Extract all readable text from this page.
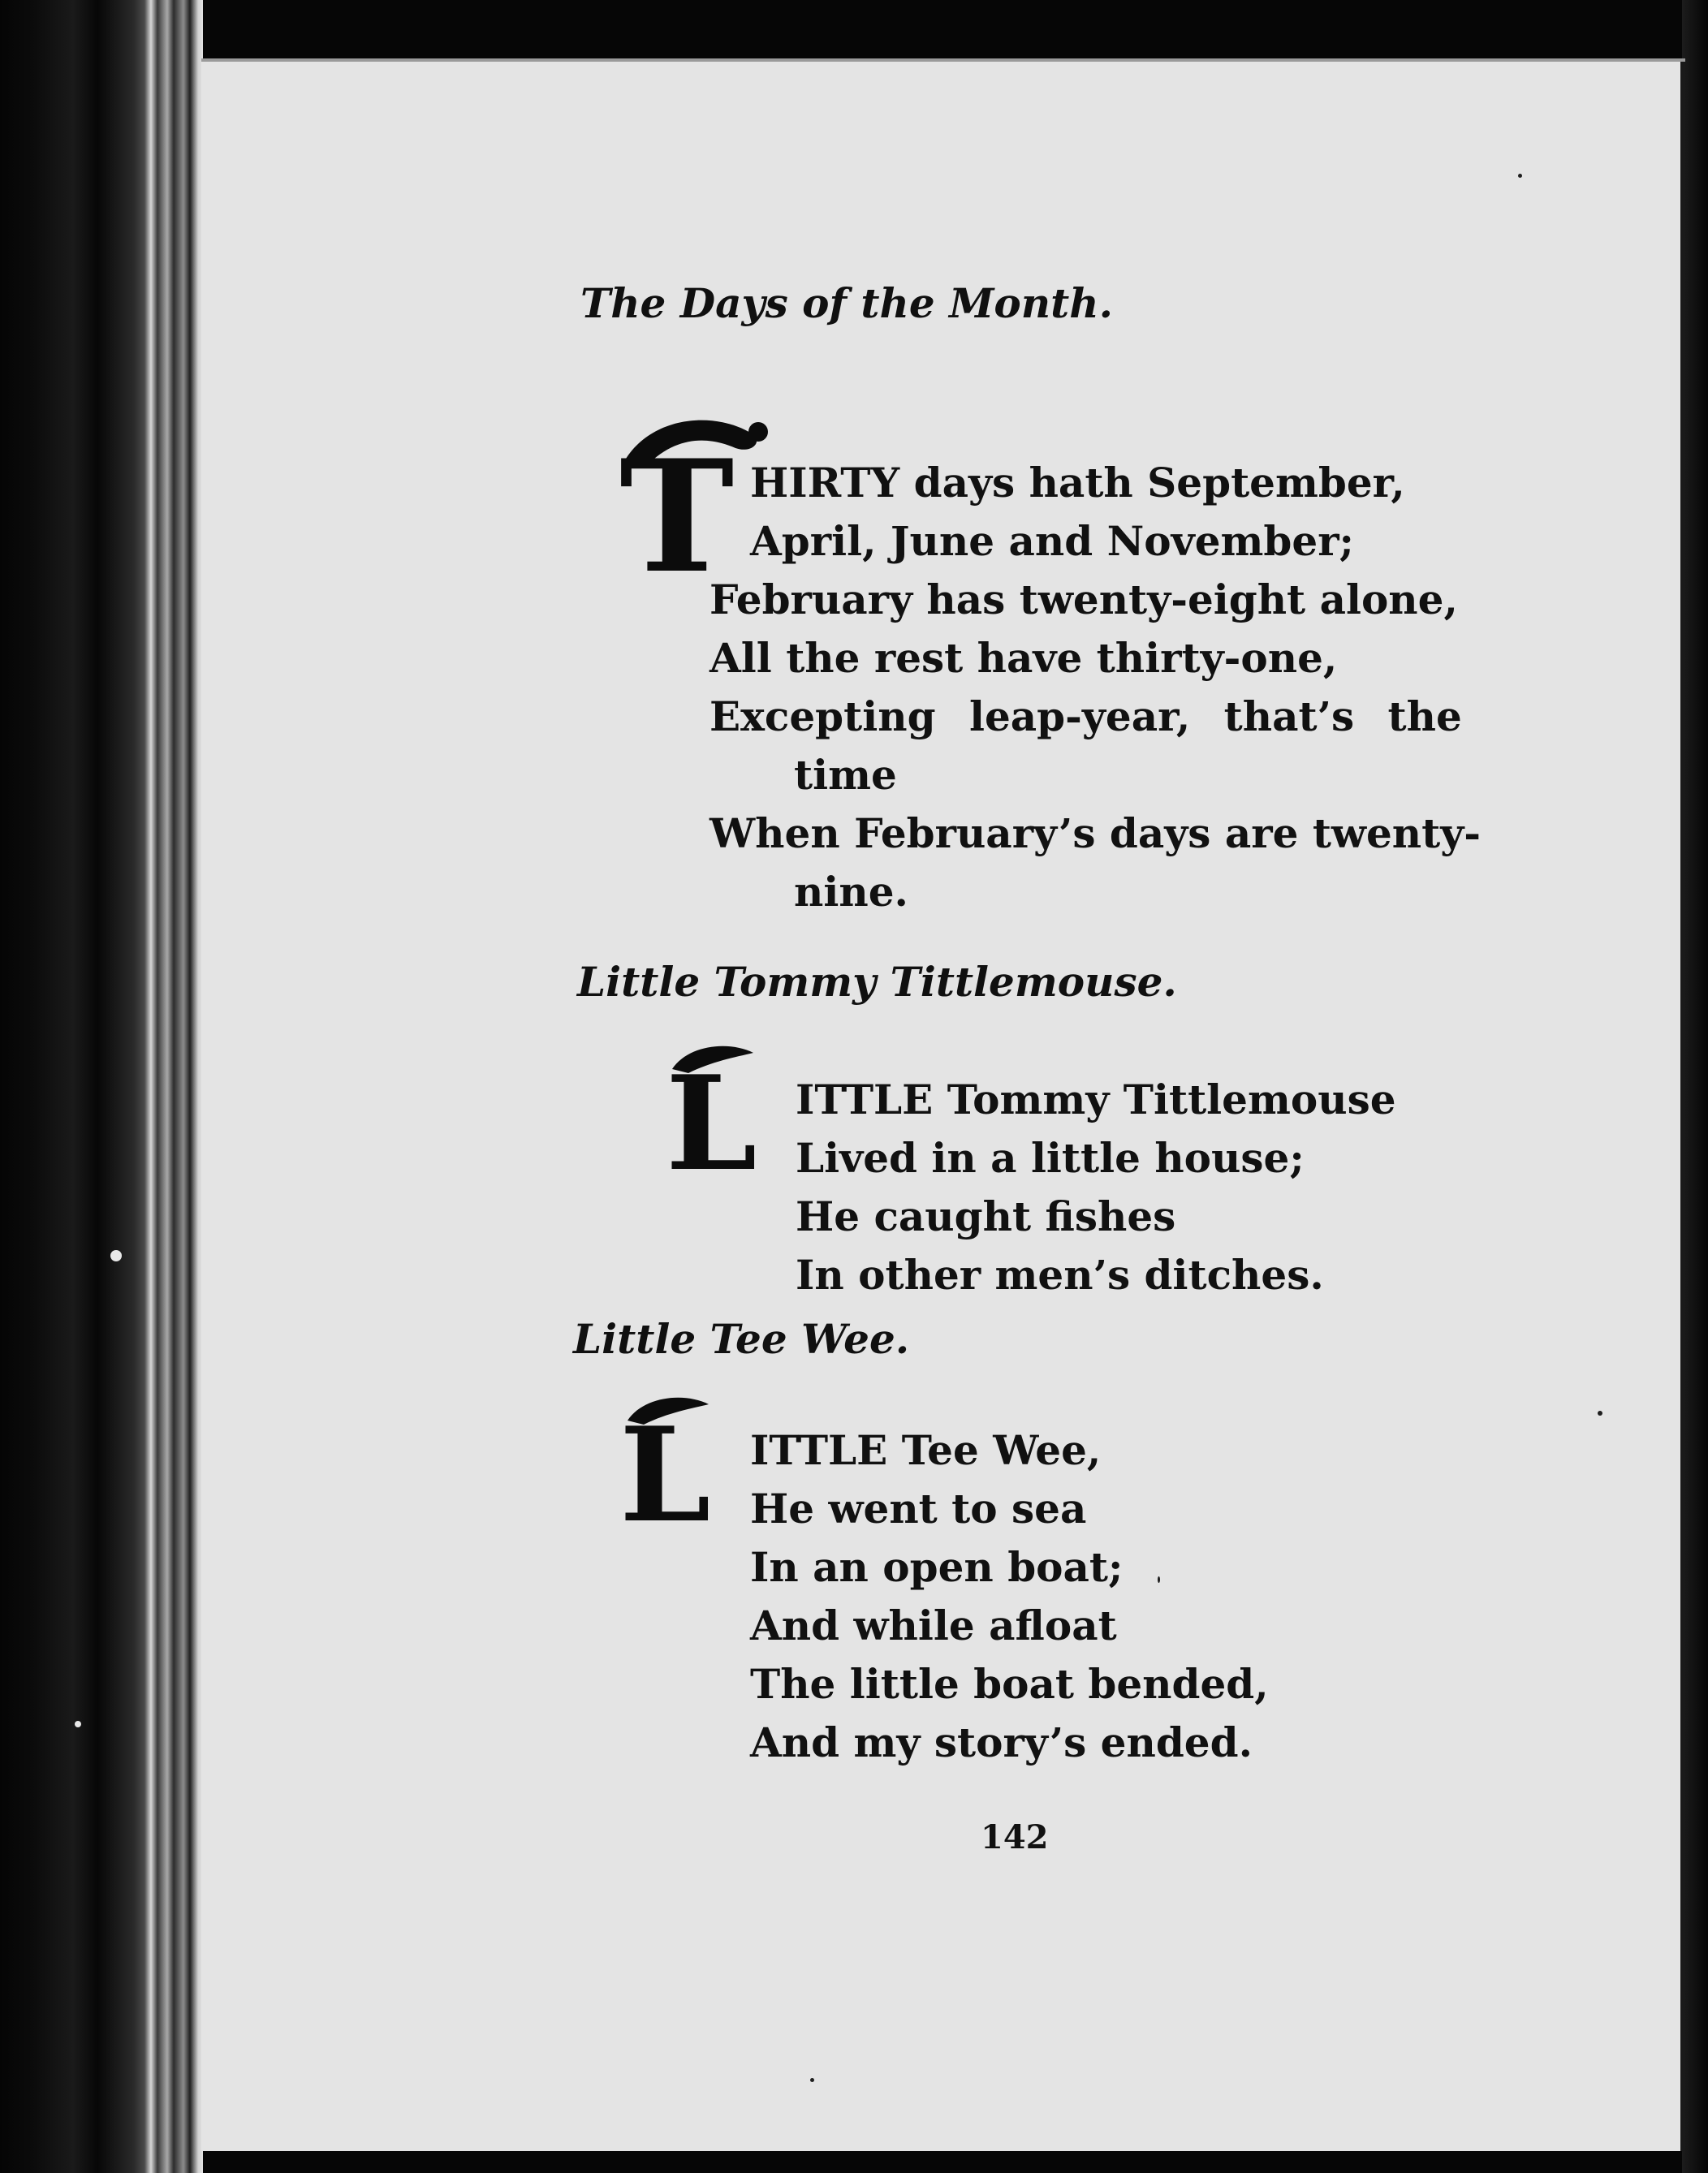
The Days of the Month.
T HIRTY days hath September,
April, June and November;
February has twenty-eight alone,
All the rest have thirty-one,
Excepting leap-year, that’s the
time
When February’s days are twenty-
nine.
Little Tommy Tittlemouse.
L ITTLE Tommy Tittlemouse
Lived in a little house;
He caught fishes
In other men’s ditches.
Little Tee Wee.
L ITTLE Tee Wee,
He went to sea
In an open boat;
And while afloat
The little boat bended,
And my story’s ended.
142
